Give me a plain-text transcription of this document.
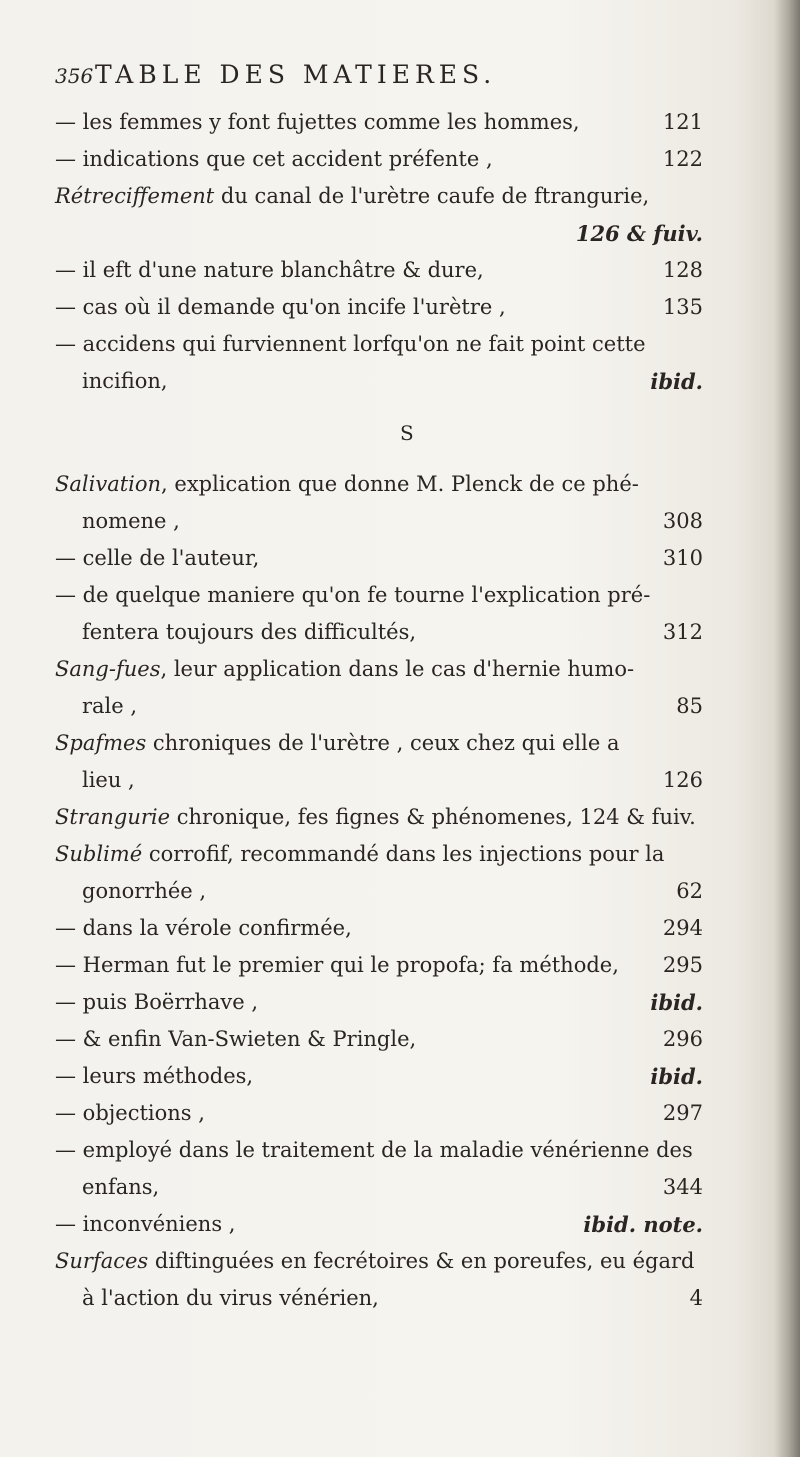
356 TABLE DES MATIERES.
— les femmes y font fujettes comme les hommes,	121
— indications que cet accident préfente ,	122
Rétreciffement du canal de l'urètre caufe de ftrangurie,
126 & fuiv.
— il eft d'une nature blanchâtre & dure,	128
— cas où il demande qu'on incife l'urètre ,	135
— accidens qui furviennent lorfqu'on ne fait point cette
incifion,	ibid.
S
Salivation, explication que donne M. Plenck de ce phé-
nomene ,	308
— celle de l'auteur,	310
— de quelque maniere qu'on fe tourne l'explication pré-
fentera toujours des difficultés,	312
Sang-fues, leur application dans le cas d'hernie humo-
rale ,	85
Spafmes chroniques de l'urètre , ceux chez qui elle a
lieu ,	126
Strangurie chronique, fes fignes & phénomenes, 124 & fuiv.
Sublimé corrofif, recommandé dans les injections pour la
gonorrhée ,	62
— dans la vérole confirmée,	294
— Herman fut le premier qui le propofa; fa méthode, 295
— puis Boërrhave ,	ibid.
— & enfin Van-Swieten & Pringle,	296
— leurs méthodes,	ibid.
— objections ,	297
— employé dans le traitement de la maladie vénérienne des
enfans,	344
— inconvéniens ,	ibid. note.
Surfaces diftinguées en fecrétoires & en poreufes, eu égard
à l'action du virus vénérien,	4
